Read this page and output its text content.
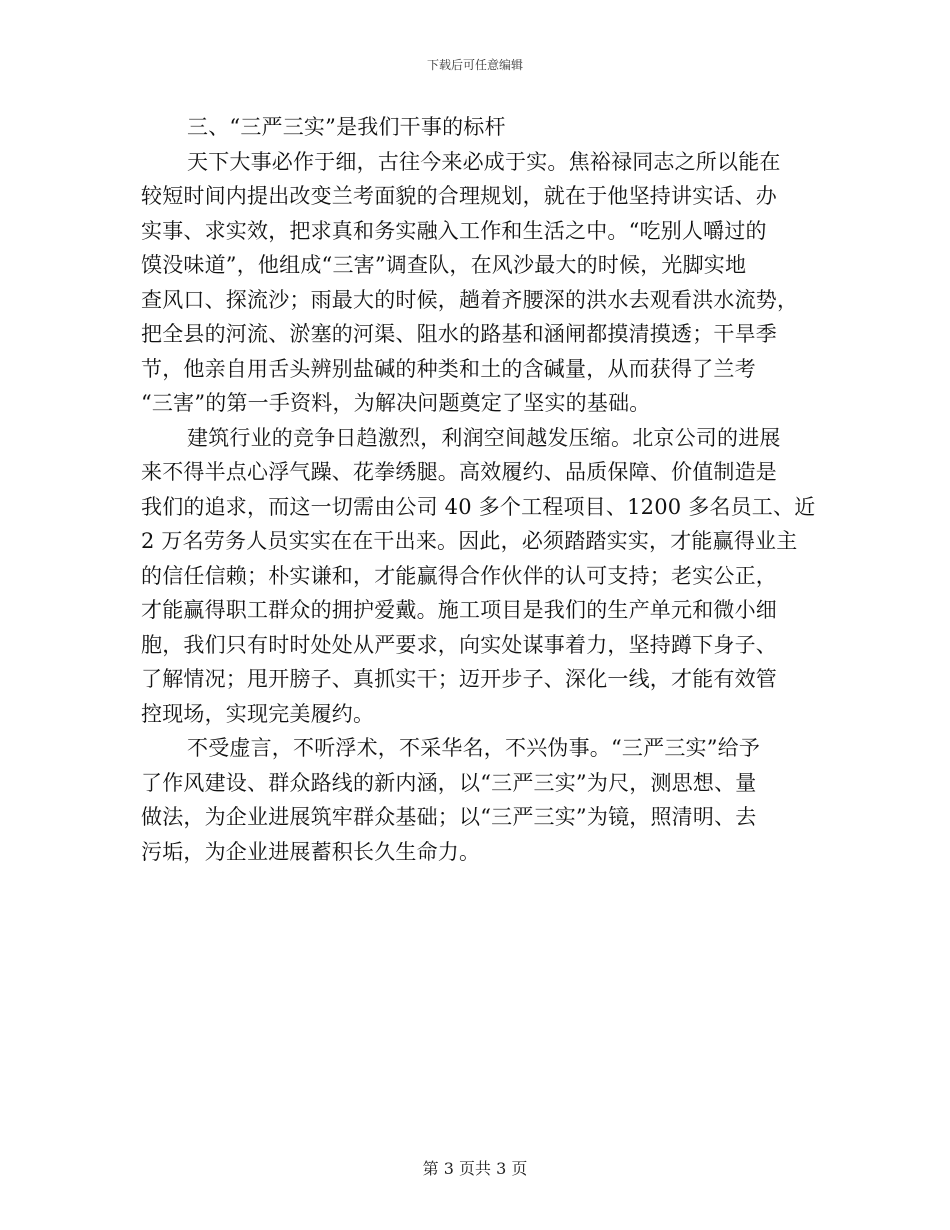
下载后可任意编辑

三、“三严三实”是我们干事的标杆

天下大事必作于细，古往今来必成于实。焦裕禄同志之所以能在
较短时间内提出改变兰考面貌的合理规划，就在于他坚持讲实话、办
实事、求实效，把求真和务实融入工作和生活之中。“吃别人嚼过的
馍没味道”，他组成“三害”调查队，在风沙最大的时候，光脚实地
查风口、探流沙；雨最大的时候，趟着齐腰深的洪水去观看洪水流势，
把全县的河流、淤塞的河渠、阻水的路基和涵闸都摸清摸透；干旱季
节，他亲自用舌头辨别盐碱的种类和土的含碱量，从而获得了兰考
“三害”的第一手资料，为解决问题奠定了坚实的基础。

建筑行业的竞争日趋激烈，利润空间越发压缩。北京公司的进展
来不得半点心浮气躁、花拳绣腿。高效履约、品质保障、价值制造是
我们的追求，而这一切需由公司 40 多个工程项目、1200 多名员工、近
2 万名劳务人员实实在在干出来。因此，必须踏踏实实，才能赢得业主
的信任信赖；朴实谦和，才能赢得合作伙伴的认可支持；老实公正，
才能赢得职工群众的拥护爱戴。施工项目是我们的生产单元和微小细
胞，我们只有时时处处从严要求，向实处谋事着力，坚持蹲下身子、
了解情况；甩开膀子、真抓实干；迈开步子、深化一线，才能有效管
控现场，实现完美履约。

不受虚言，不听浮术，不采华名，不兴伪事。“三严三实”给予
了作风建设、群众路线的新内涵，以“三严三实”为尺，测思想、量
做法，为企业进展筑牢群众基础；以“三严三实”为镜，照清明、去
污垢，为企业进展蓄积长久生命力。

第 3 页共 3 页
